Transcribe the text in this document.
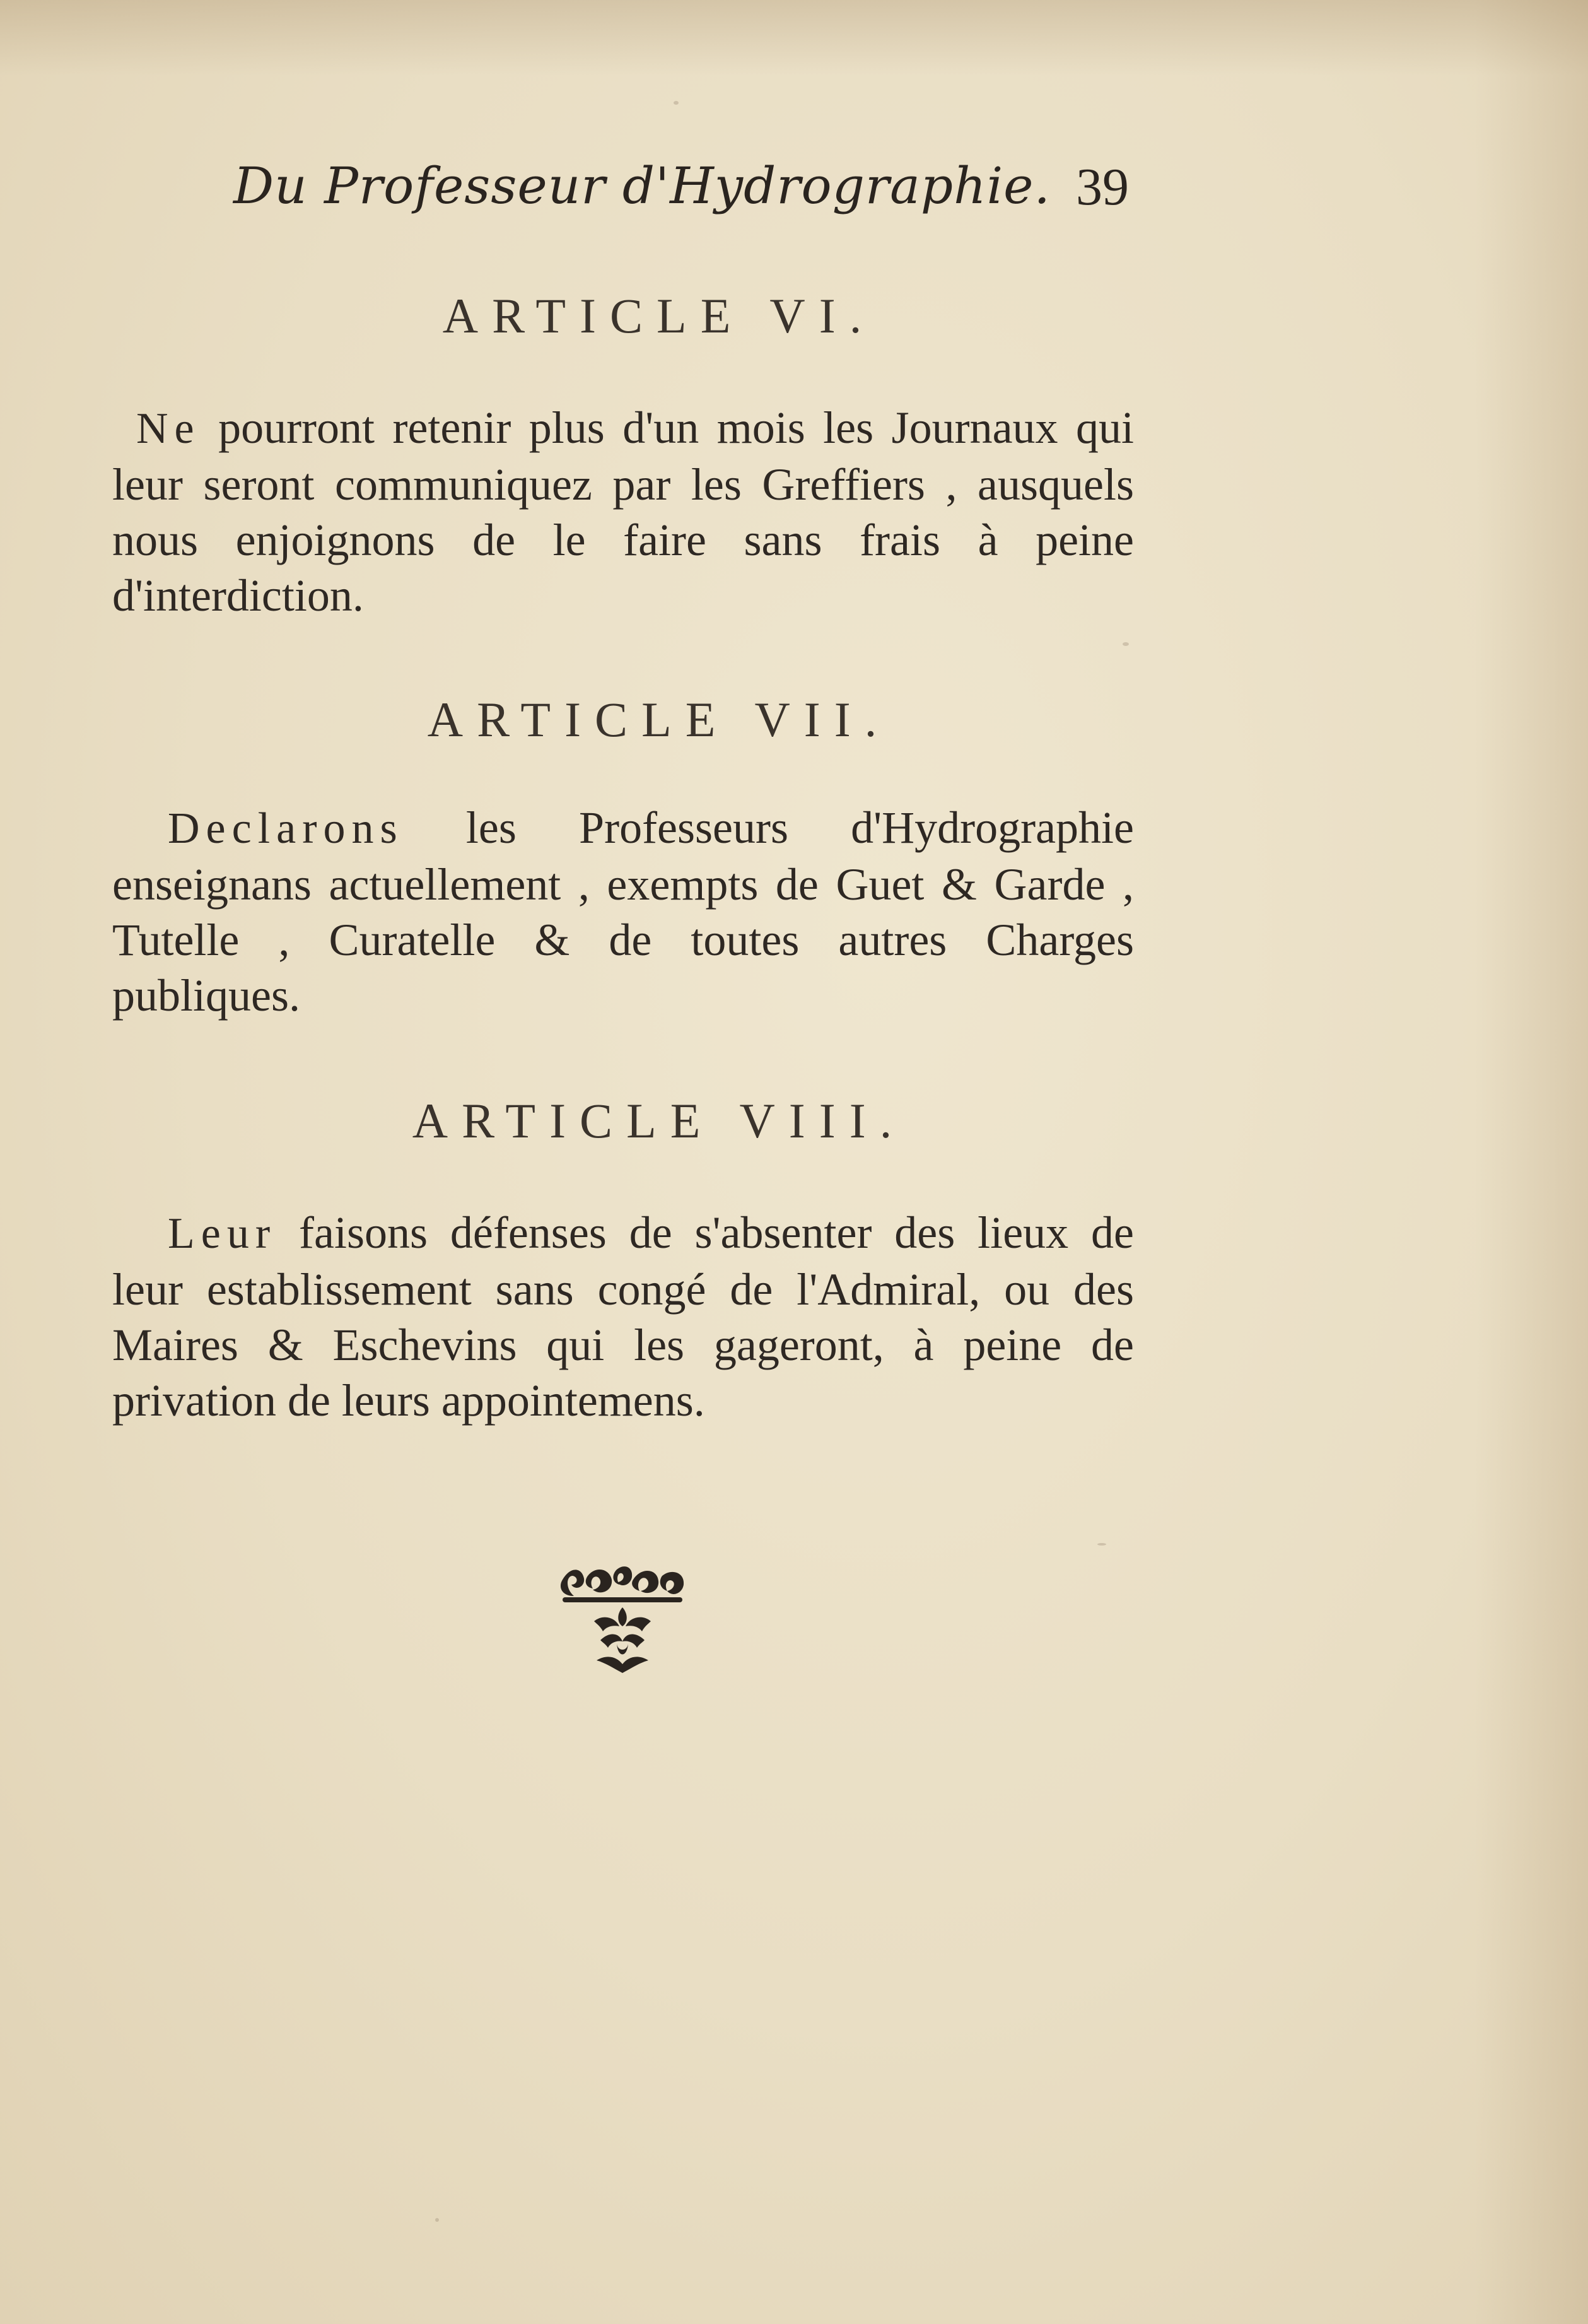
Du Professeur d'Hydrographie. 39
ARTICLE VI.

Ne pourront retenir plus d'un mois les Journaux qui leur seront communiquez par les Greffiers , ausquels nous enjoignons de le faire sans frais à peine d'interdiction.

ARTICLE VII.

Declarons les Professeurs d'Hydrographie enseignans actuellement , exempts de Guet & Garde , Tutelle , Curatelle & de toutes autres Charges publiques.

ARTICLE VIII.

Leur faisons défenses de s'absenter des lieux de leur establissement sans congé de l'Admiral, ou des Maires & Eschevins qui les gageront, à peine de privation de leurs appointemens.
